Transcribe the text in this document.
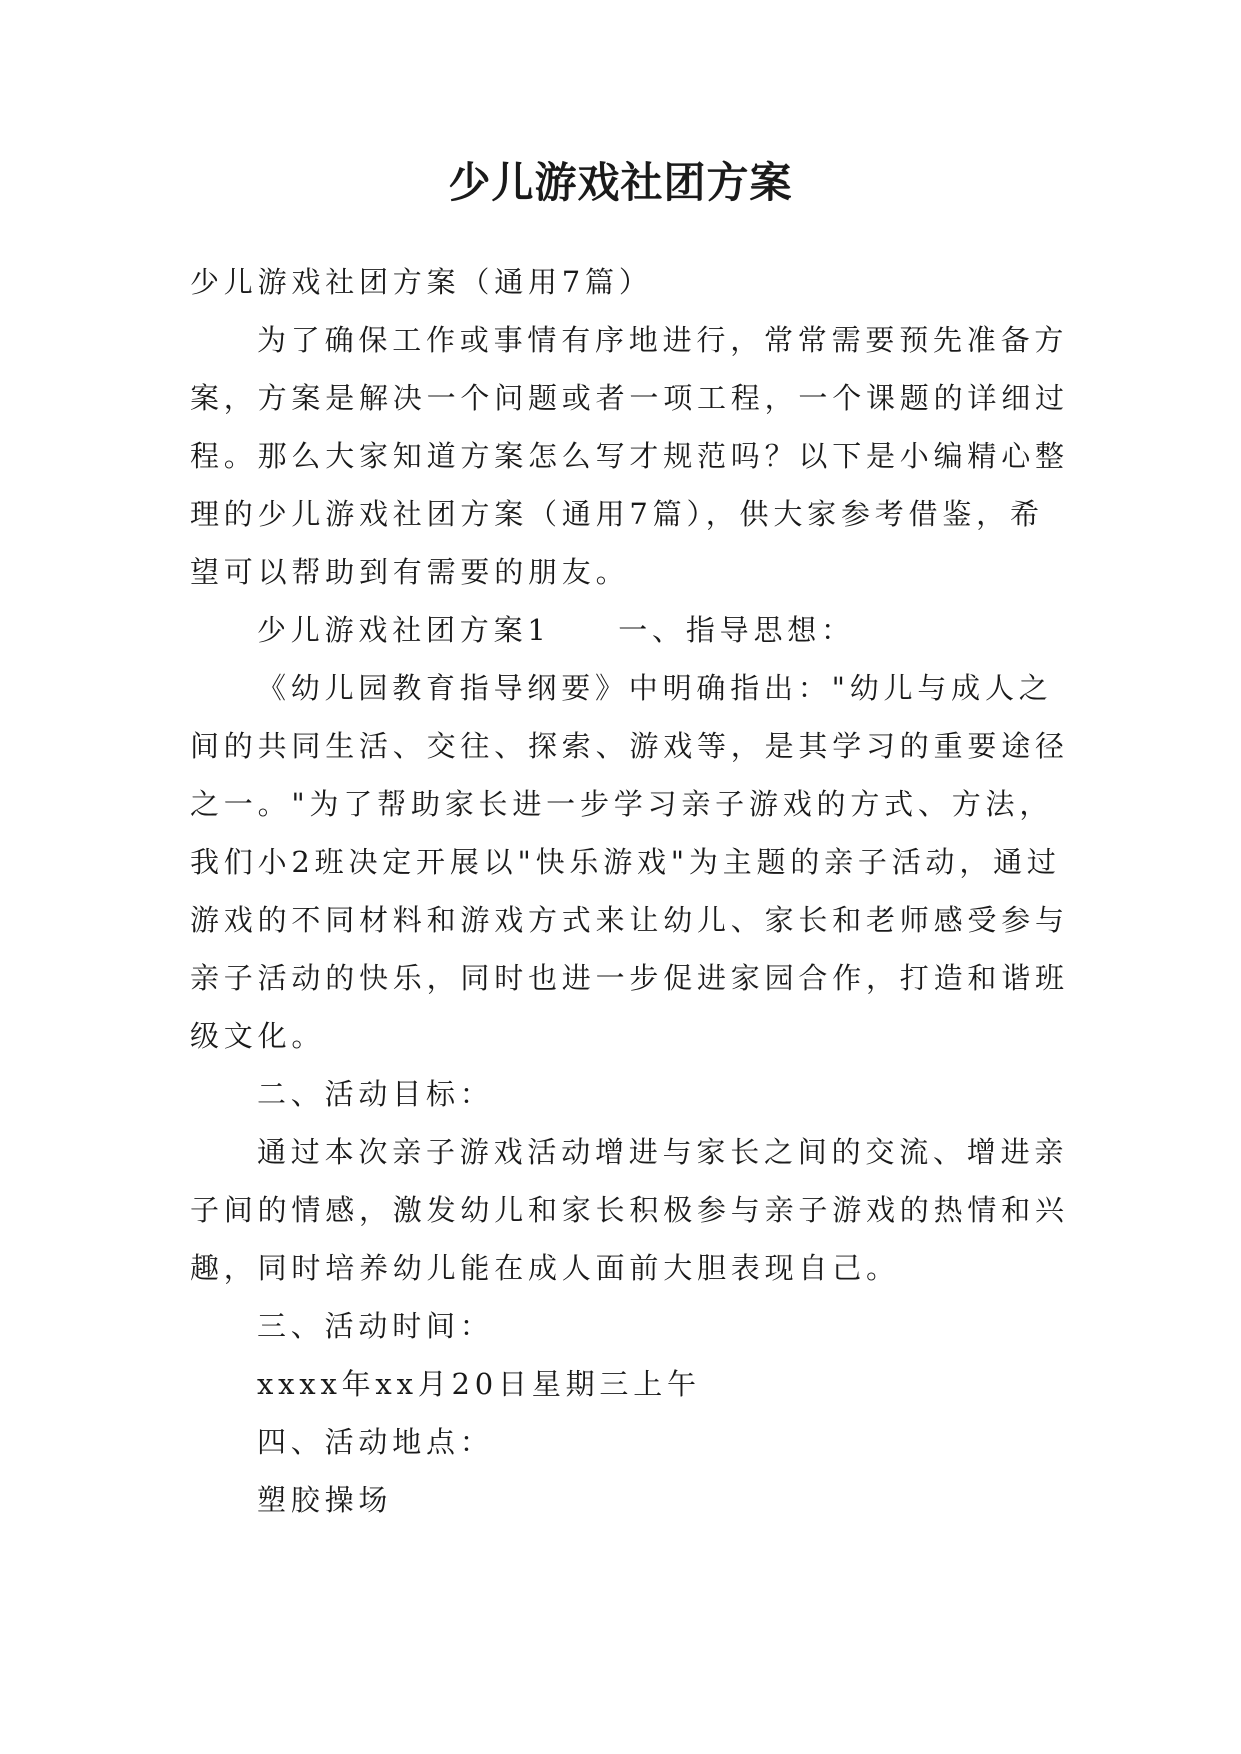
少儿游戏社团方案
少儿游戏社团方案（通用7篇）
为了确保工作或事情有序地进行，常常需要预先准备方
案，方案是解决一个问题或者一项工程，一个课题的详细过
程。那么大家知道方案怎么写才规范吗？以下是小编精心整
理的少儿游戏社团方案（通用7篇），供大家参考借鉴，希
望可以帮助到有需要的朋友。
少儿游戏社团方案1　　一、指导思想：
《幼儿园教育指导纲要》中明确指出："幼儿与成人之
间的共同生活、交往、探索、游戏等，是其学习的重要途径
之一。"为了帮助家长进一步学习亲子游戏的方式、方法，
我们小2班决定开展以"快乐游戏"为主题的亲子活动，通过
游戏的不同材料和游戏方式来让幼儿、家长和老师感受参与
亲子活动的快乐，同时也进一步促进家园合作，打造和谐班
级文化。
二、活动目标：
通过本次亲子游戏活动增进与家长之间的交流、增进亲
子间的情感，激发幼儿和家长积极参与亲子游戏的热情和兴
趣，同时培养幼儿能在成人面前大胆表现自己。
三、活动时间：
xxxx年xx月20日星期三上午
四、活动地点：
塑胶操场
